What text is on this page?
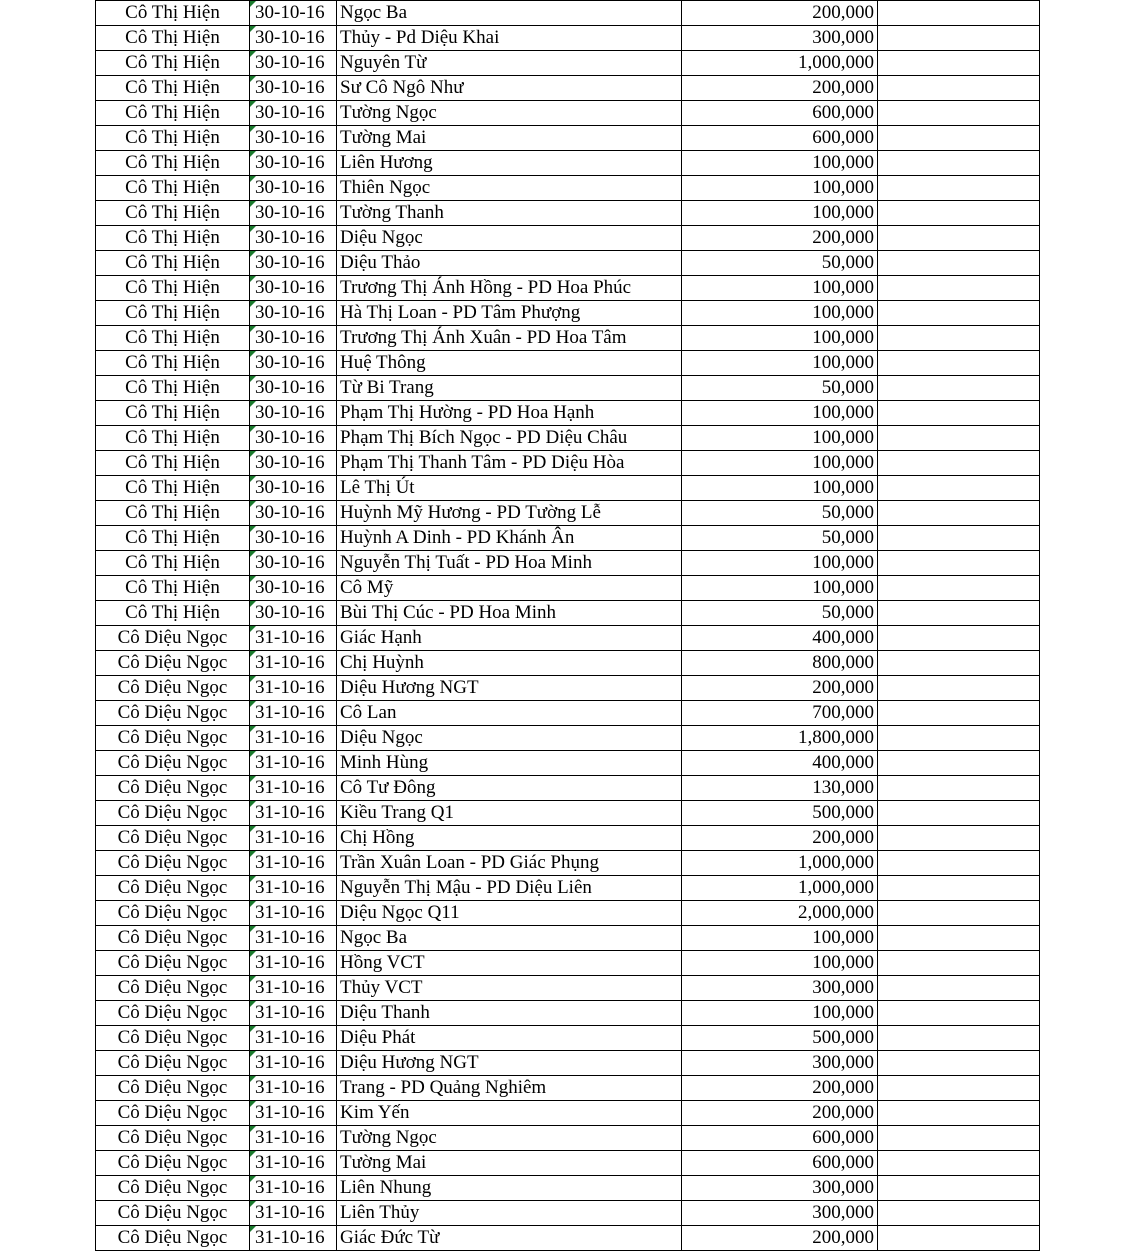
Cô Thị Hiện	30-10-16	Ngọc Ba	200,000	
Cô Thị Hiện	30-10-16	Thủy - Pd Diệu Khai	300,000	
Cô Thị Hiện	30-10-16	Nguyên Từ	1,000,000	
Cô Thị Hiện	30-10-16	Sư Cô Ngô Như	200,000	
Cô Thị Hiện	30-10-16	Tường Ngọc	600,000	
Cô Thị Hiện	30-10-16	Tường Mai	600,000	
Cô Thị Hiện	30-10-16	Liên Hương	100,000	
Cô Thị Hiện	30-10-16	Thiên Ngọc	100,000	
Cô Thị Hiện	30-10-16	Tường Thanh	100,000	
Cô Thị Hiện	30-10-16	Diệu Ngọc	200,000	
Cô Thị Hiện	30-10-16	Diệu Thảo	50,000	
Cô Thị Hiện	30-10-16	Trương Thị Ánh Hồng - PD Hoa Phúc	100,000	
Cô Thị Hiện	30-10-16	Hà Thị Loan - PD Tâm Phượng	100,000	
Cô Thị Hiện	30-10-16	Trương Thị Ánh Xuân - PD Hoa Tâm	100,000	
Cô Thị Hiện	30-10-16	Huệ Thông	100,000	
Cô Thị Hiện	30-10-16	Từ Bi Trang	50,000	
Cô Thị Hiện	30-10-16	Phạm Thị Hường - PD Hoa Hạnh	100,000	
Cô Thị Hiện	30-10-16	Phạm Thị Bích Ngọc - PD Diệu Châu	100,000	
Cô Thị Hiện	30-10-16	Phạm Thị Thanh Tâm - PD Diệu Hòa	100,000	
Cô Thị Hiện	30-10-16	Lê Thị Út	100,000	
Cô Thị Hiện	30-10-16	Huỳnh Mỹ Hương - PD Tường Lễ	50,000	
Cô Thị Hiện	30-10-16	Huỳnh A Dinh - PD Khánh Ân	50,000	
Cô Thị Hiện	30-10-16	Nguyễn Thị Tuất - PD Hoa Minh	100,000	
Cô Thị Hiện	30-10-16	Cô Mỹ	100,000	
Cô Thị Hiện	30-10-16	Bùi Thị Cúc - PD Hoa Minh	50,000	
Cô Diệu Ngọc	31-10-16	Giác Hạnh	400,000	
Cô Diệu Ngọc	31-10-16	Chị Huỳnh	800,000	
Cô Diệu Ngọc	31-10-16	Diệu Hương NGT	200,000	
Cô Diệu Ngọc	31-10-16	Cô Lan	700,000	
Cô Diệu Ngọc	31-10-16	Diệu Ngọc	1,800,000	
Cô Diệu Ngọc	31-10-16	Minh Hùng	400,000	
Cô Diệu Ngọc	31-10-16	Cô Tư Đông	130,000	
Cô Diệu Ngọc	31-10-16	Kiều Trang Q1	500,000	
Cô Diệu Ngọc	31-10-16	Chị Hồng	200,000	
Cô Diệu Ngọc	31-10-16	Trần Xuân Loan - PD Giác Phụng	1,000,000	
Cô Diệu Ngọc	31-10-16	Nguyễn Thị Mậu - PD Diệu Liên	1,000,000	
Cô Diệu Ngọc	31-10-16	Diệu Ngọc Q11	2,000,000	
Cô Diệu Ngọc	31-10-16	Ngọc Ba	100,000	
Cô Diệu Ngọc	31-10-16	Hồng VCT	100,000	
Cô Diệu Ngọc	31-10-16	Thủy VCT	300,000	
Cô Diệu Ngọc	31-10-16	Diệu Thanh	100,000	
Cô Diệu Ngọc	31-10-16	Diệu Phát	500,000	
Cô Diệu Ngọc	31-10-16	Diệu Hương NGT	300,000	
Cô Diệu Ngọc	31-10-16	Trang - PD Quảng Nghiêm	200,000	
Cô Diệu Ngọc	31-10-16	Kim Yến	200,000	
Cô Diệu Ngọc	31-10-16	Tường Ngọc	600,000	
Cô Diệu Ngọc	31-10-16	Tường Mai	600,000	
Cô Diệu Ngọc	31-10-16	Liên Nhung	300,000	
Cô Diệu Ngọc	31-10-16	Liên Thủy	300,000	
Cô Diệu Ngọc	31-10-16	Giác Đức Từ	200,000	
